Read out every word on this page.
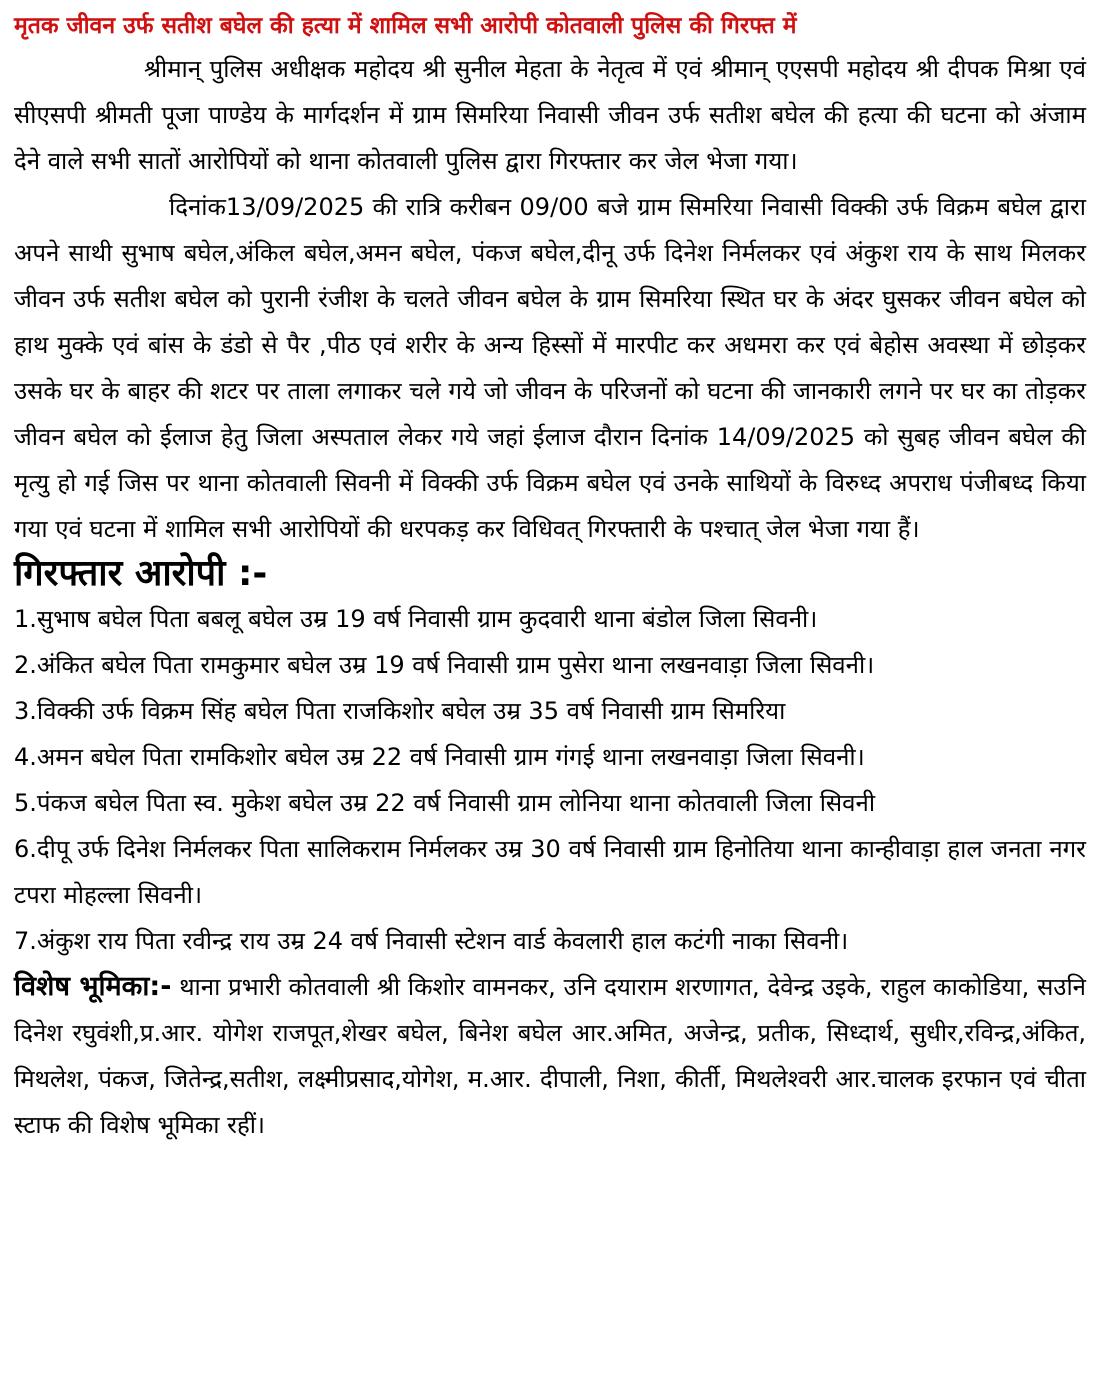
मृतक जीवन उर्फ सतीश बघेल की हत्या में शामिल सभी आरोपी कोतवाली पुलिस की गिरफ्त में

श्रीमान् पुलिस अधीक्षक महोदय श्री सुनील मेहता के नेतृत्व में एवं श्रीमान् एएसपी महोदय श्री दीपक मिश्रा एवं सीएसपी श्रीमती पूजा पाण्डेय के मार्गदर्शन में ग्राम सिमरिया निवासी जीवन उर्फ सतीश बघेल की हत्या की घटना को अंजाम देने वाले सभी सातों आरोपियों को थाना कोतवाली पुलिस द्वारा गिरफ्तार कर जेल भेजा गया।

दिनांक13/09/2025 की रात्रि करीबन 09/00 बजे ग्राम सिमरिया निवासी विक्की उर्फ विक्रम बघेल द्वारा अपने साथी सुभाष बघेल,अंकिल बघेल,अमन बघेल, पंकज बघेल,दीनू उर्फ दिनेश निर्मलकर एवं अंकुश राय के साथ मिलकर जीवन उर्फ सतीश बघेल को पुरानी रंजीश के चलते जीवन बघेल के ग्राम सिमरिया स्थित घर के अंदर घुसकर जीवन बघेल को हाथ मुक्के एवं बांस के डंडो से पैर ,पीठ एवं शरीर के अन्य हिस्सों में मारपीट कर अधमरा कर एवं बेहोस अवस्था में छोड़कर उसके घर के बाहर की शटर पर ताला लगाकर चले गये जो जीवन के परिजनों को घटना की जानकारी लगने पर घर का तोड़कर जीवन बघेल को ईलाज हेतु जिला अस्पताल लेकर गये जहां ईलाज दौरान दिनांक 14/09/2025 को सुबह जीवन बघेल की मृत्यु हो गई जिस पर थाना कोतवाली सिवनी में विक्की उर्फ विक्रम बघेल एवं उनके साथियों के विरुध्द अपराध पंजीबध्द किया गया एवं घटना में शामिल सभी आरोपियों की धरपकड़ कर विधिवत् गिरफ्तारी के पश्चात् जेल भेजा गया हैं।

गिरफ्तार आरोपी :-
1.सुभाष बघेल पिता बबलू बघेल उम्र 19 वर्ष निवासी ग्राम कुदवारी थाना बंडोल जिला सिवनी।
2.अंकित बघेल पिता रामकुमार बघेल उम्र 19 वर्ष निवासी ग्राम पुसेरा थाना लखनवाड़ा जिला सिवनी।
3.विक्की उर्फ विक्रम सिंह बघेल पिता राजकिशोर बघेल उम्र 35 वर्ष निवासी ग्राम सिमरिया
4.अमन बघेल पिता रामकिशोर बघेल उम्र 22 वर्ष निवासी ग्राम गंगई थाना लखनवाड़ा जिला सिवनी।
5.पंकज बघेल पिता स्व. मुकेश बघेल उम्र 22 वर्ष निवासी ग्राम लोनिया थाना कोतवाली जिला सिवनी
6.दीपू उर्फ दिनेश निर्मलकर पिता सालिकराम निर्मलकर उम्र 30 वर्ष निवासी ग्राम हिनोतिया थाना कान्हीवाड़ा हाल जनता नगर टपरा मोहल्ला सिवनी।
7.अंकुश राय पिता रवीन्द्र राय उम्र 24 वर्ष निवासी स्टेशन वार्ड केवलारी हाल कटंगी नाका सिवनी।

विशेष भूमिका:- थाना प्रभारी कोतवाली श्री किशोर वामनकर, उनि दयाराम शरणागत, देवेन्द्र उइके, राहुल काकोडिया, सउनि दिनेश रघुवंशी,प्र.आर. योगेश राजपूत,शेखर बघेल, बिनेश बघेल आर.अमित, अजेन्द्र, प्रतीक, सिध्दार्थ, सुधीर,रविन्द्र,अंकित, मिथलेश, पंकज, जितेन्द्र,सतीश, लक्ष्मीप्रसाद,योगेश, म.आर. दीपाली, निशा, कीर्ती, मिथलेश्वरी आर.चालक इरफान एवं चीता स्टाफ की विशेष भूमिका रहीं।
